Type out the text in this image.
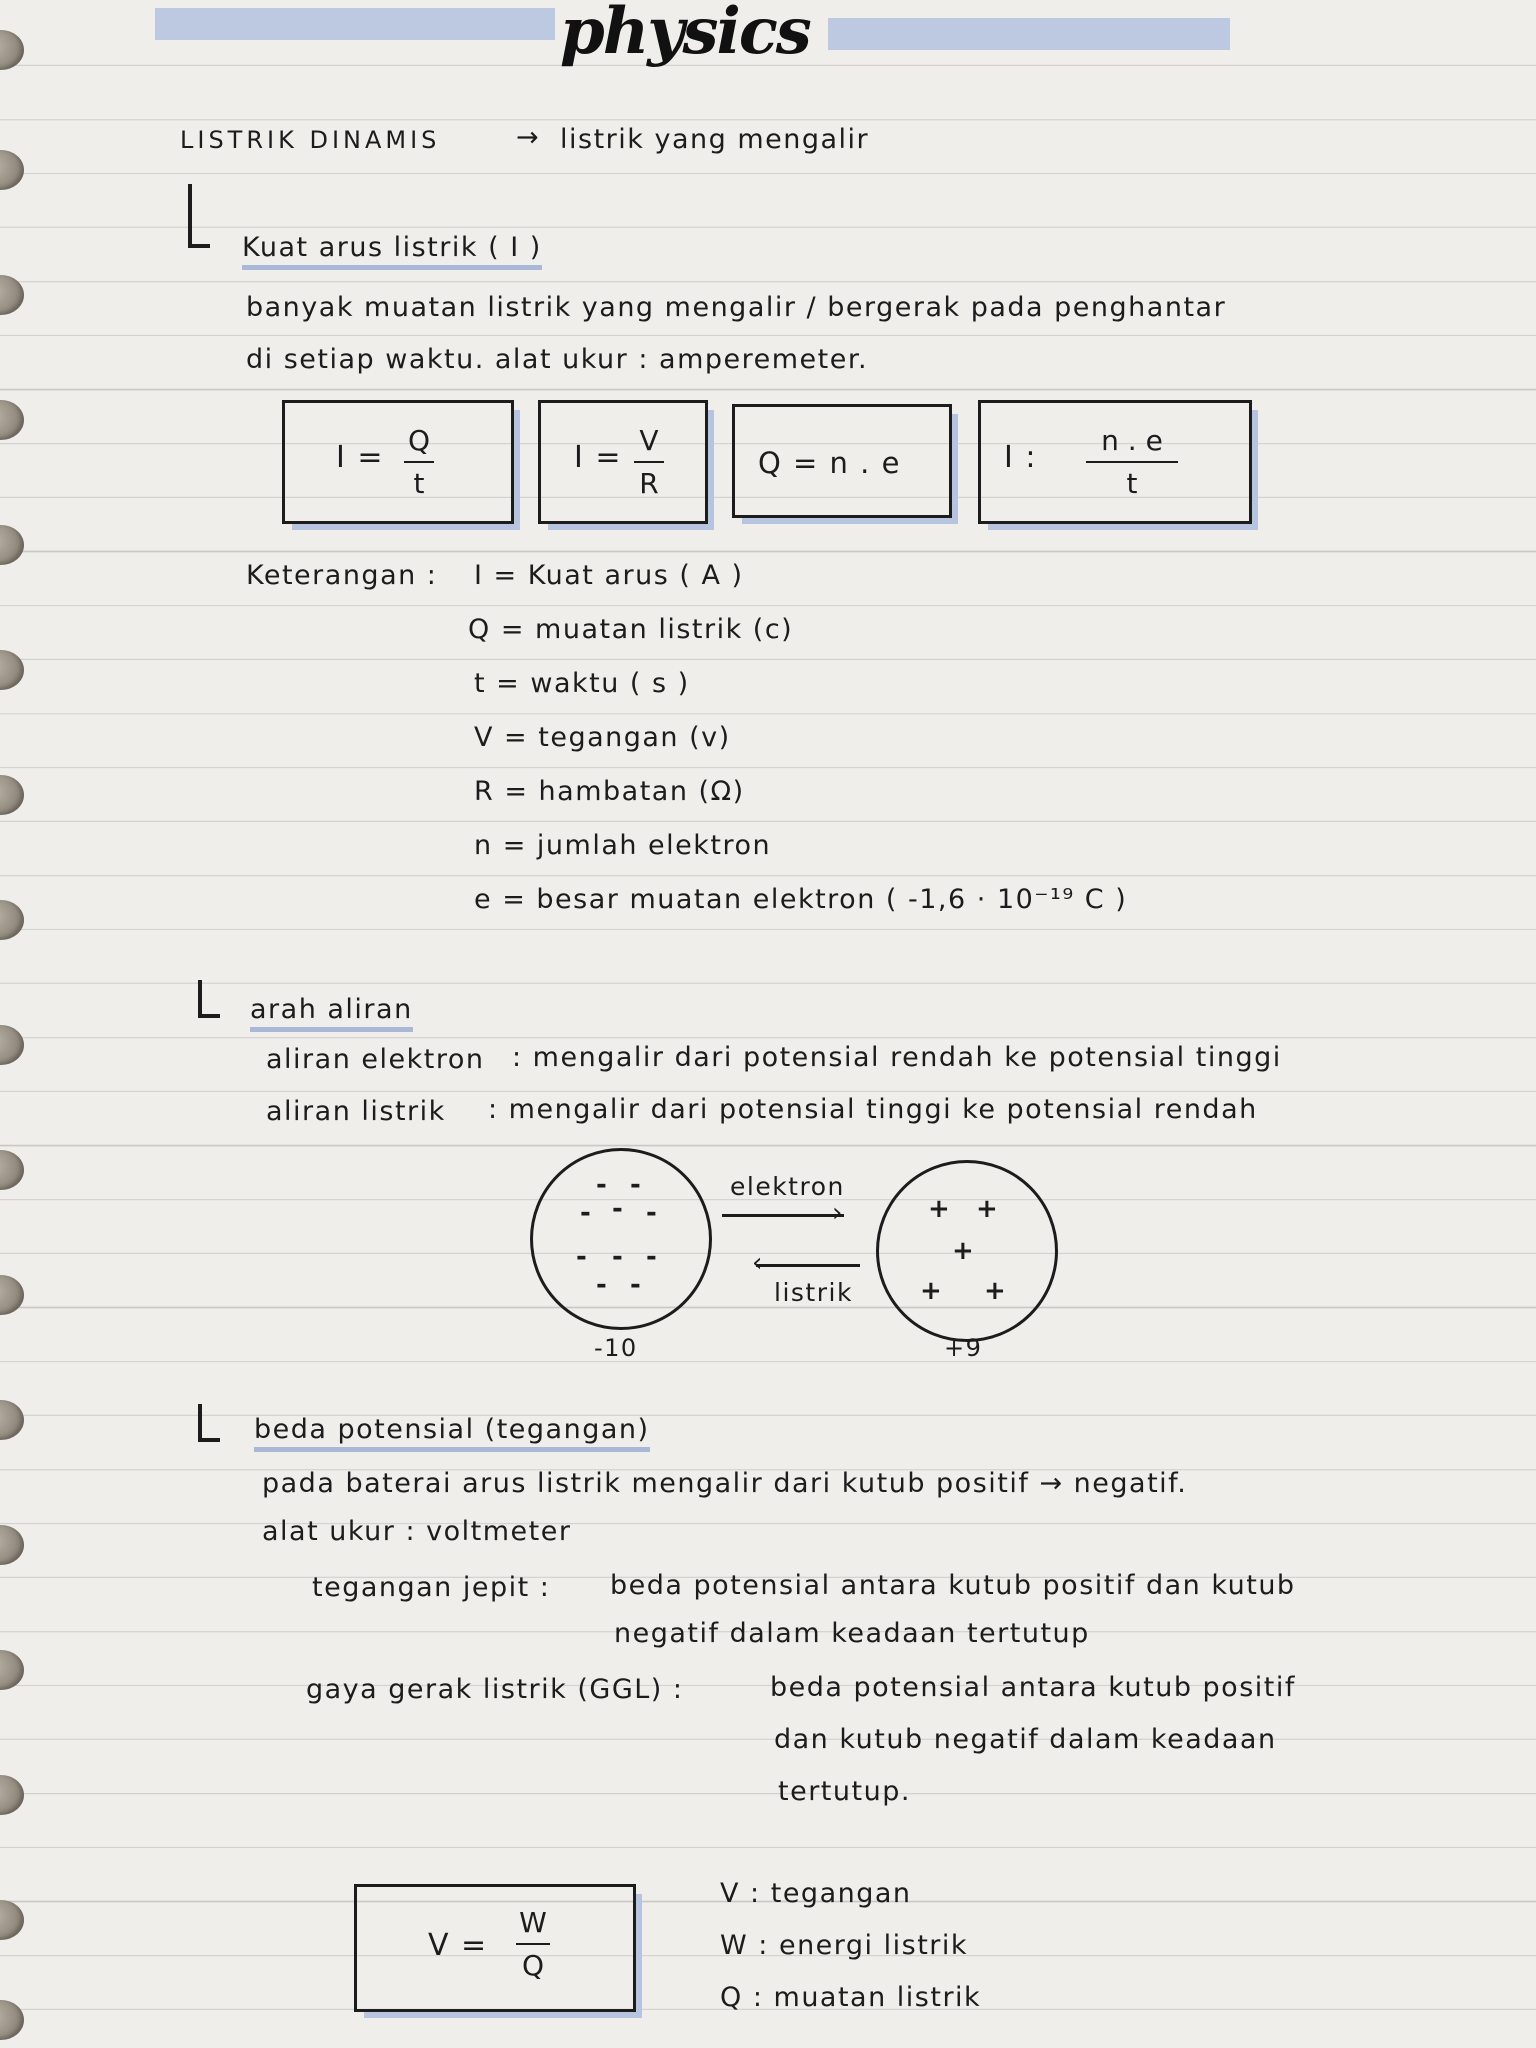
physics
LISTRIK DINAMIS	→ listrik yang mengalir
Kuat arus listrik ( I )
banyak muatan listrik yang mengalir / bergerak pada penghantar
di setiap waktu. alat ukur : amperemeter.
I = Q
t
I = V
R
Q = n . e	I : n . e
t
Keterangan : I = Kuat arus ( A )
Q = muatan listrik (c)
t = waktu ( s )
V = tegangan (v)
R = hambatan (Ω)
n = jumlah elektron
e = besar muatan elektron ( -1,6 · 10⁻¹⁹ C )
arah aliran
aliran elektron : mengalir dari potensial rendah ke potensial tinggi
aliran listrik : mengalir dari potensial tinggi ke potensial rendah
- -
- - -
- - -
- -
-10
elektron
›
‹
listrik
+ +
+
+ +
+9
beda potensial (tegangan)
pada baterai arus listrik mengalir dari kutub positif → negatif.
alat ukur : voltmeter
tegangan jepit : beda potensial antara kutub positif dan kutub
negatif dalam keadaan tertutup
gaya gerak listrik (GGL) :	beda potensial antara kutub positif
dan kutub negatif dalam keadaan
tertutup.
V =
W
Q
V : tegangan
W : energi listrik
Q : muatan listrik
